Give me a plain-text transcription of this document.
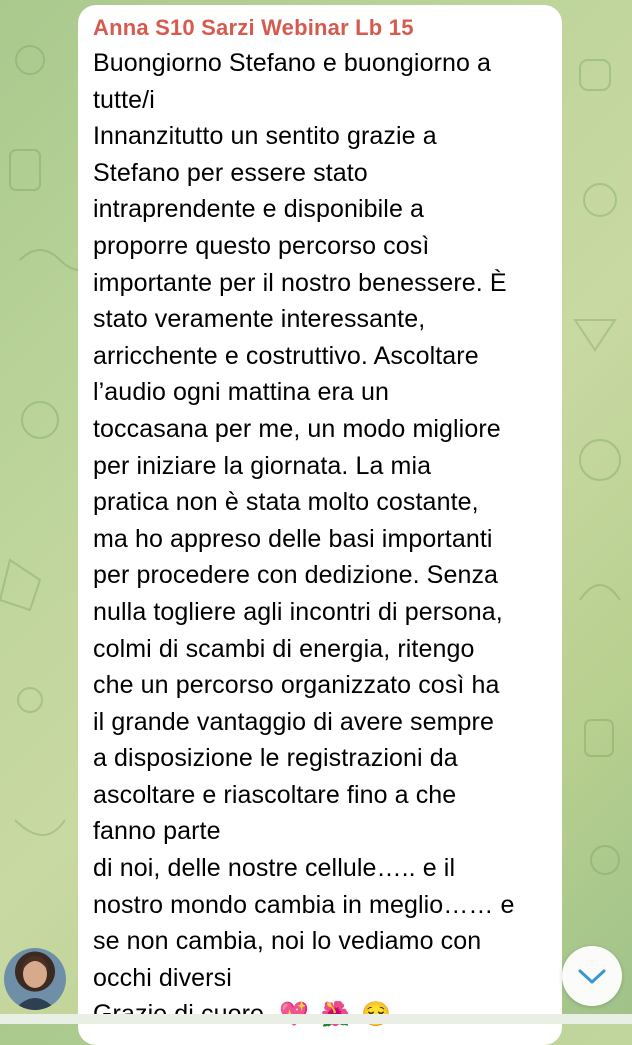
Anna S10 Sarzi Webinar Lb 15
Buongiorno Stefano e buongiorno a
tutte/i
Innanzitutto un sentito grazie a
Stefano per essere stato
intraprendente e disponibile a
proporre questo percorso così
importante per il nostro benessere. È
stato veramente interessante,
arricchente e costruttivo. Ascoltare
l’audio ogni mattina era un
toccasana per me, un modo migliore
per iniziare la giornata. La mia
pratica non è stata molto costante,
ma ho appreso delle basi importanti
per procedere con dedizione. Senza
nulla togliere agli incontri di persona,
colmi di scambi di energia, ritengo
che un percorso organizzato così ha
il grande vantaggio di avere sempre
a disposizione le registrazioni da
ascoltare e riascoltare fino a che
fanno parte
di noi, delle nostre cellule….. e il
nostro mondo cambia in meglio…… e
se non cambia, noi lo vediamo con
occhi diversi
